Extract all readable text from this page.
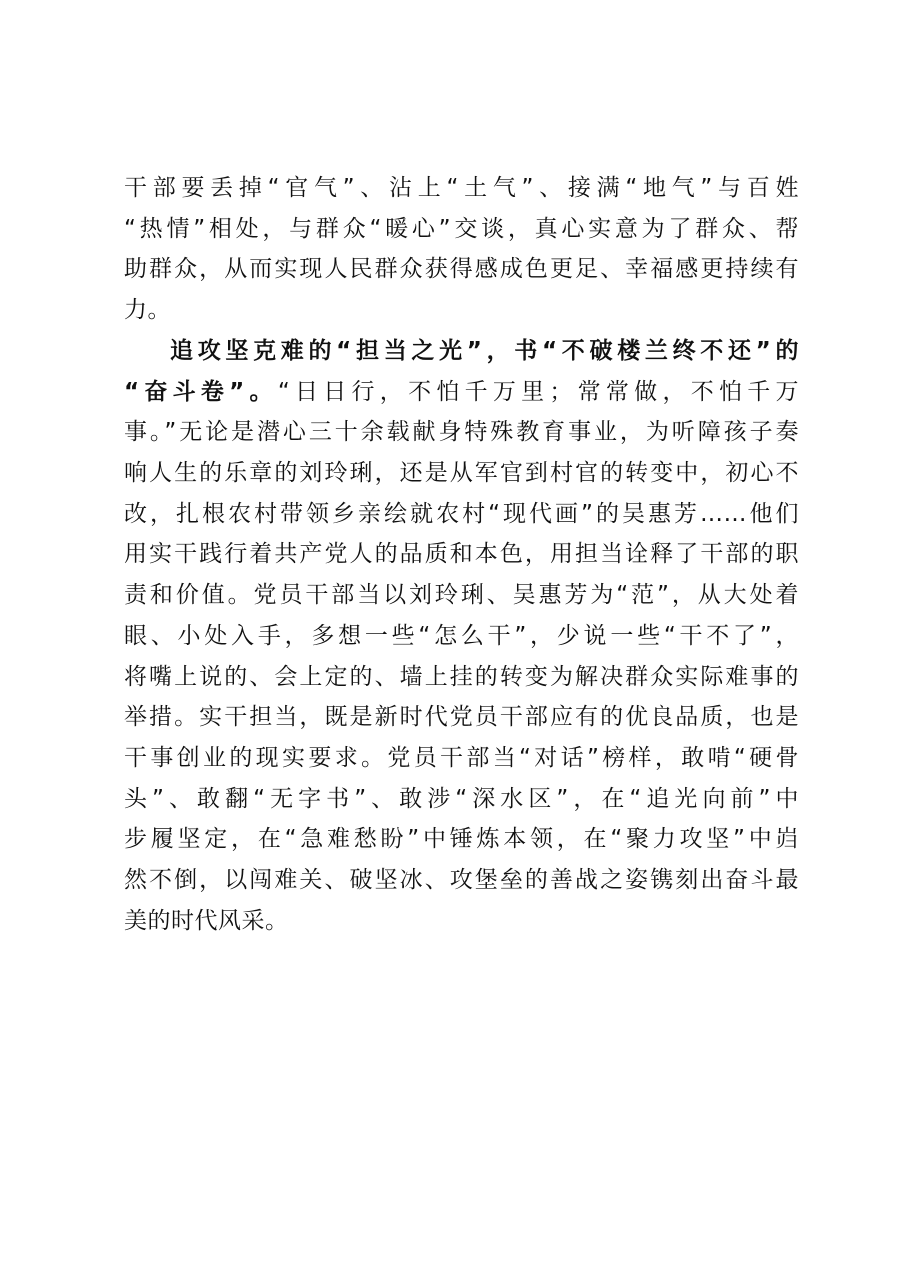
干部要丢掉“官气”、沾上“土气”、接满“地气”与百姓
“热情”相处，与群众“暖心”交谈，真心实意为了群众、帮
助群众，从而实现人民群众获得感成色更足、幸福感更持续有
力。
追攻坚克难的“担当之光”，书“不破楼兰终不还”的
“奋斗卷”。“日日行，不怕千万里；常常做，不怕千万
事。”无论是潜心三十余载献身特殊教育事业，为听障孩子奏
响人生的乐章的刘玲琍，还是从军官到村官的转变中，初心不
改，扎根农村带领乡亲绘就农村“现代画”的吴惠芳……他们
用实干践行着共产党人的品质和本色，用担当诠释了干部的职
责和价值。党员干部当以刘玲琍、吴惠芳为“范”，从大处着
眼、小处入手，多想一些“怎么干”，少说一些“干不了”，
将嘴上说的、会上定的、墙上挂的转变为解决群众实际难事的
举措。实干担当，既是新时代党员干部应有的优良品质，也是
干事创业的现实要求。党员干部当“对话”榜样，敢啃“硬骨
头”、敢翻“无字书”、敢涉“深水区”，在“追光向前”中
步履坚定，在“急难愁盼”中锤炼本领，在“聚力攻坚”中岿
然不倒，以闯难关、破坚冰、攻堡垒的善战之姿镌刻出奋斗最
美的时代风采。
